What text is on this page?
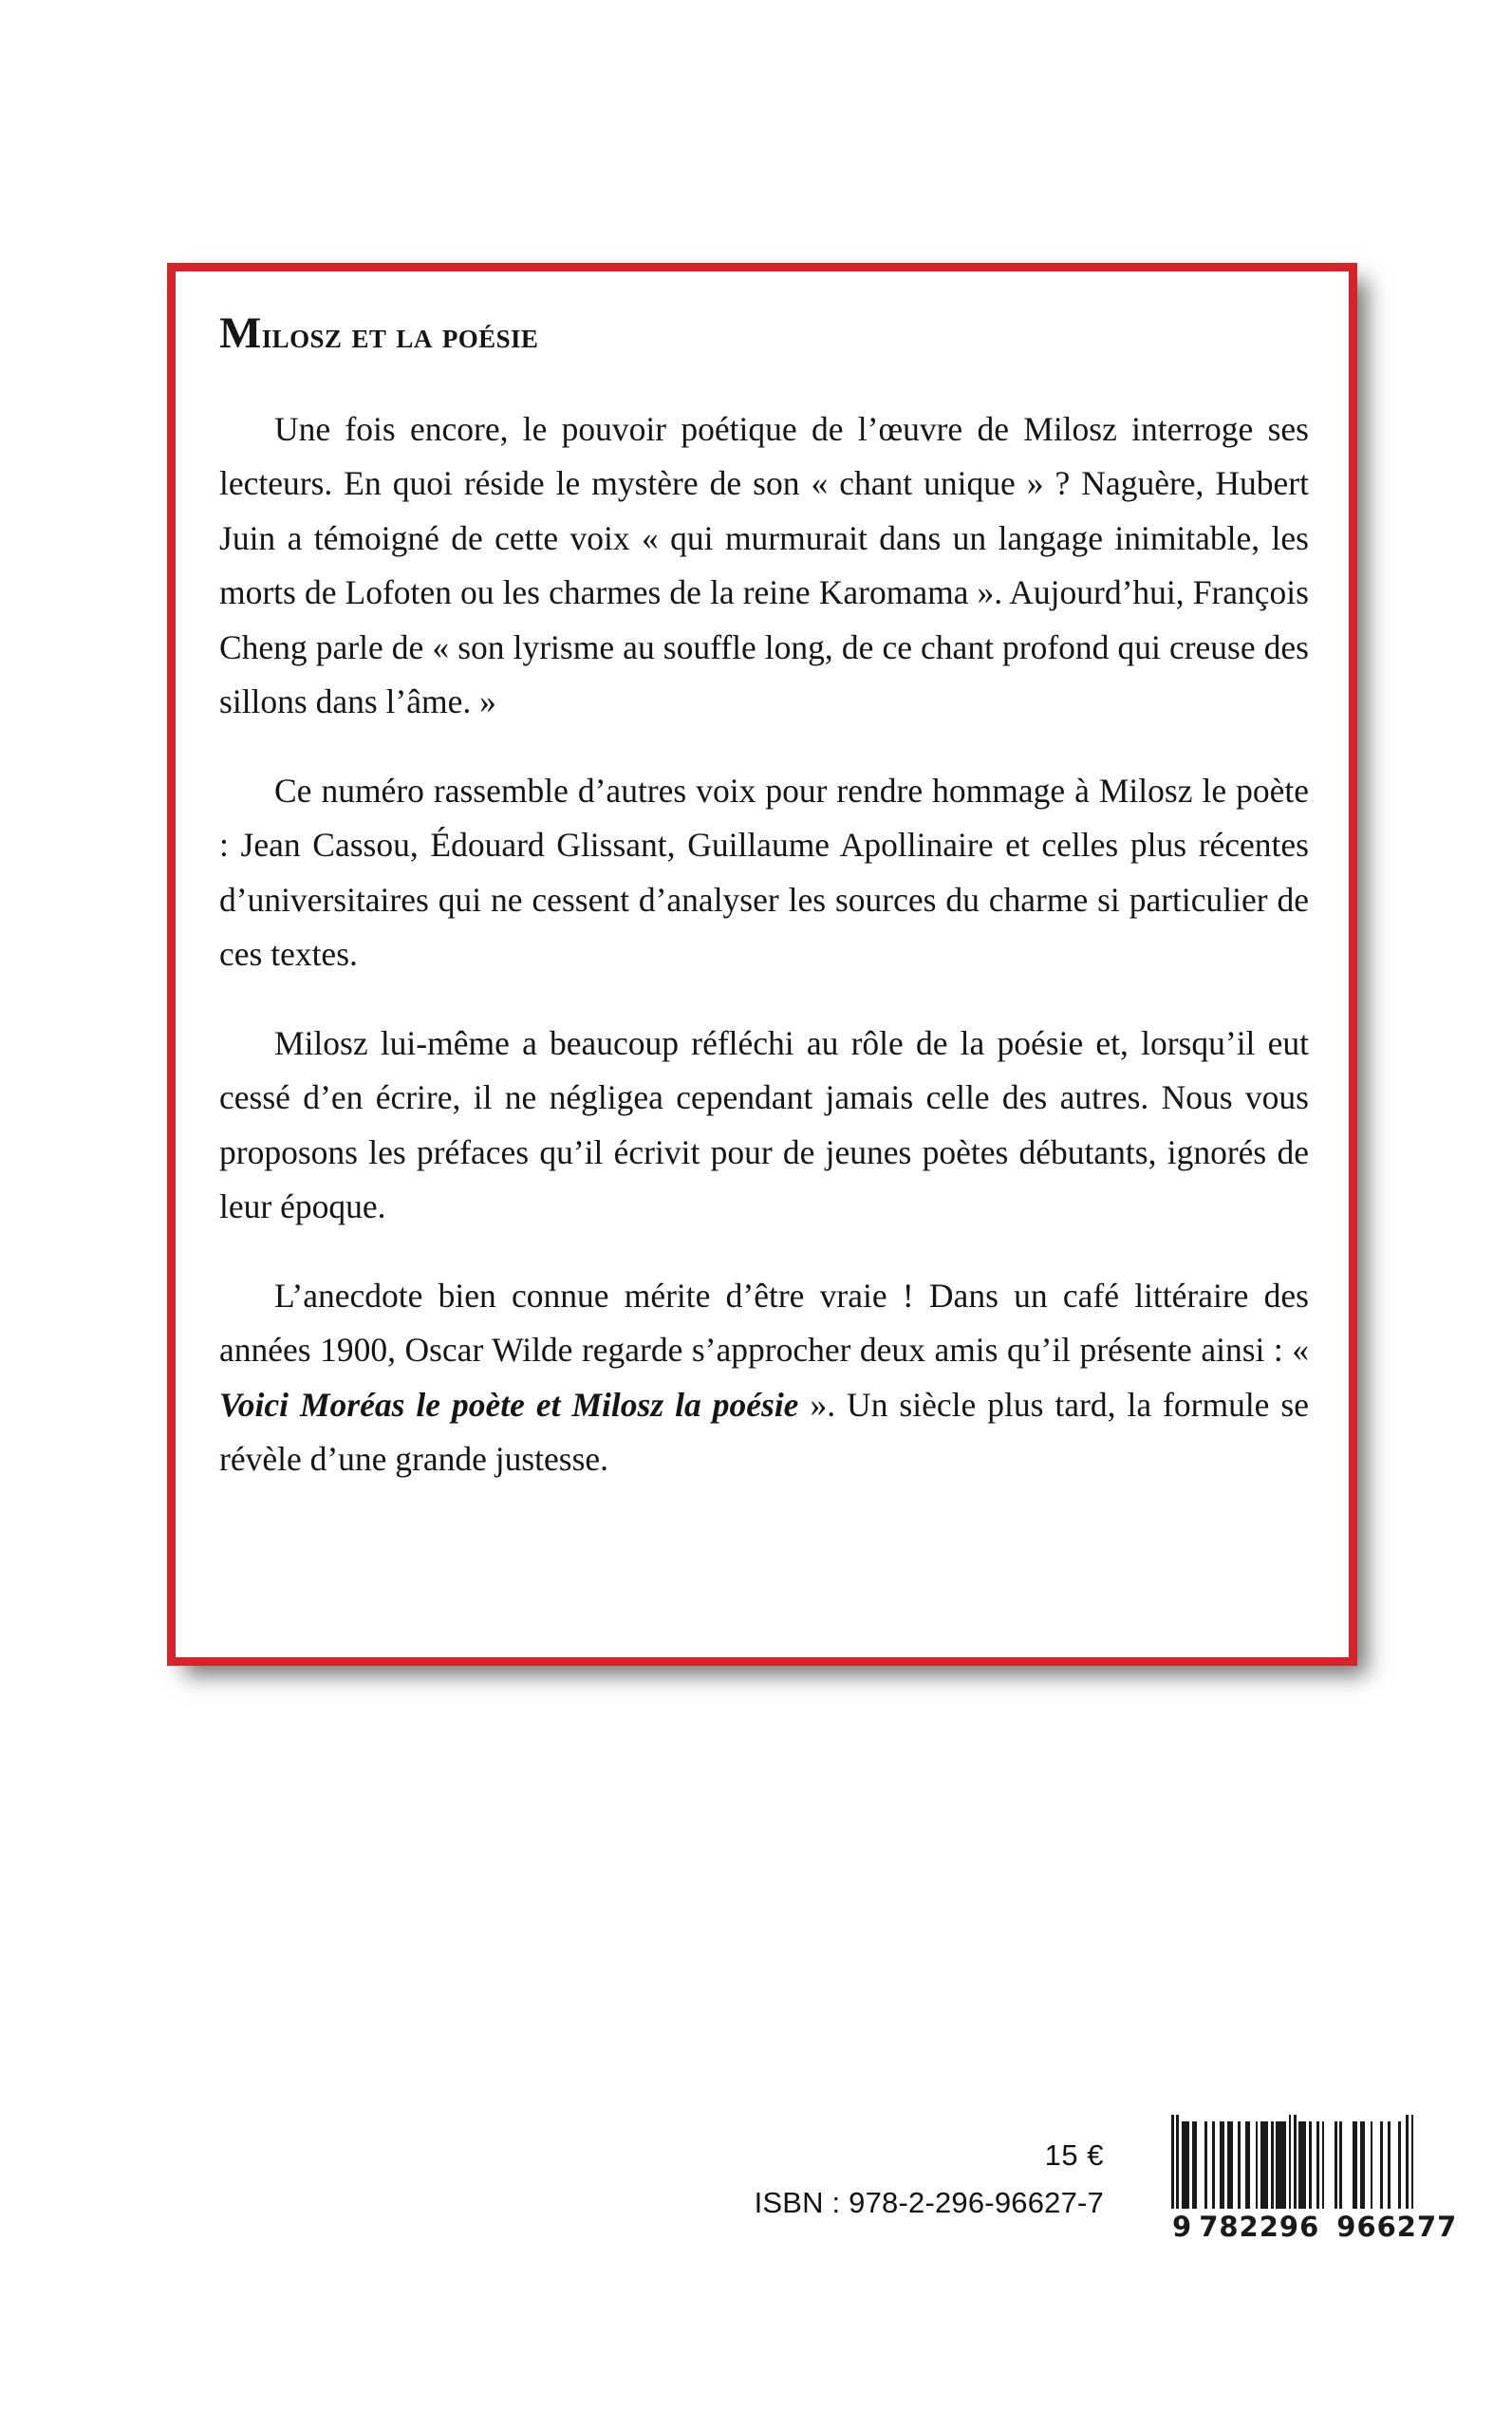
Milosz et la poésie

Une fois encore, le pouvoir poétique de l’œuvre de Milosz interroge ses lecteurs. En quoi réside le mystère de son « chant unique » ? Naguère, Hubert Juin a témoigné de cette voix « qui murmurait dans un langage inimitable, les morts de Lofoten ou les charmes de la reine Karomama ». Aujourd’hui, François Cheng parle de « son lyrisme au souffle long, de ce chant profond qui creuse des sillons dans l’âme. »

Ce numéro rassemble d’autres voix pour rendre hommage à Milosz le poète : Jean Cassou, Édouard Glissant, Guillaume Apollinaire et celles plus récentes d’universitaires qui ne cessent d’analyser les sources du charme si particulier de ces textes.

Milosz lui-même a beaucoup réfléchi au rôle de la poésie et, lorsqu’il eut cessé d’en écrire, il ne négligea cependant jamais celle des autres. Nous vous proposons les préfaces qu’il écrivit pour de jeunes poètes débutants, ignorés de leur époque.

L’anecdote bien connue mérite d’être vraie ! Dans un café littéraire des années 1900, Oscar Wilde regarde s’approcher deux amis qu’il présente ainsi : « Voici Moréas le poète et Milosz la poésie ». Un siècle plus tard, la formule se révèle d’une grande justesse.

15 €
ISBN : 978-2-296-96627-7
9 782296 966277
